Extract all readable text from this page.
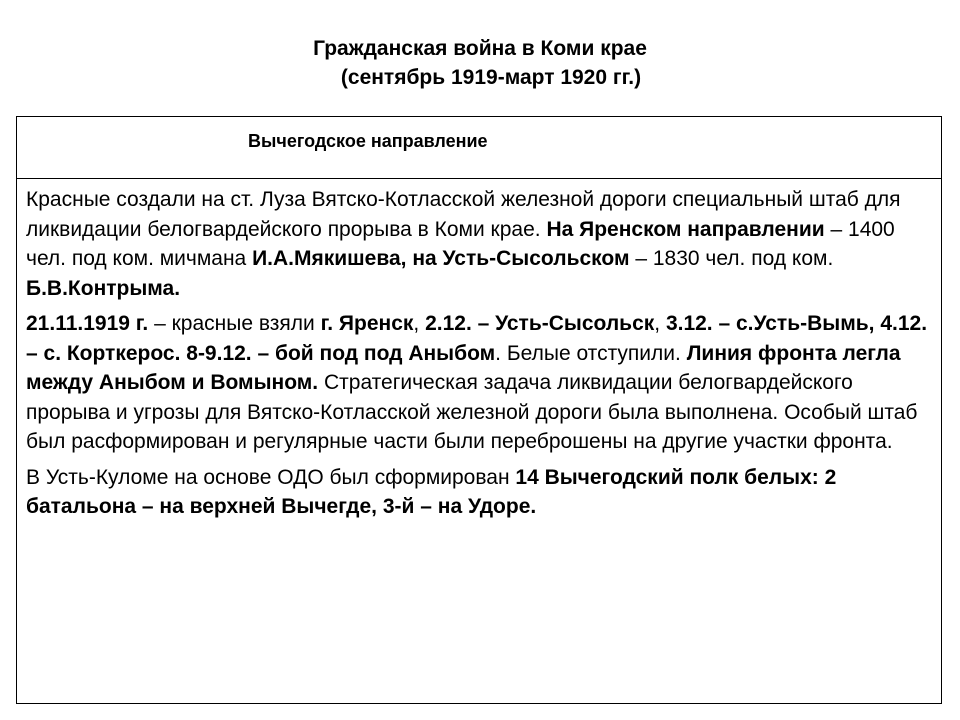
Гражданская война в Коми крае
(сентябрь 1919-март 1920 гг.)
Вычегодское направление

Красные создали на ст. Луза Вятско-Котласской железной дороги специальный штаб для ликвидации белогвардейского прорыва в Коми крае. На Яренском направлении – 1400 чел. под ком. мичмана И.А.Мякишева, на Усть-Сысольском – 1830 чел. под ком. Б.В.Контрыма.

21.11.1919 г. – красные взяли г. Яренск, 2.12. – Усть-Сысольск, 3.12. – с.Усть-Вымь, 4.12. – с. Корткерос. 8-9.12. – бой под под Аныбом. Белые отступили. Линия фронта легла между Аныбом и Вомыном. Стратегическая задача ликвидации белогвардейского прорыва и угрозы для Вятско-Котласской железной дороги была выполнена. Особый штаб был расформирован и регулярные части были переброшены на другие участки фронта.

В Усть-Куломе на основе ОДО был сформирован 14 Вычегодский полк белых: 2 батальона – на верхней Вычегде, 3-й – на Удоре.
